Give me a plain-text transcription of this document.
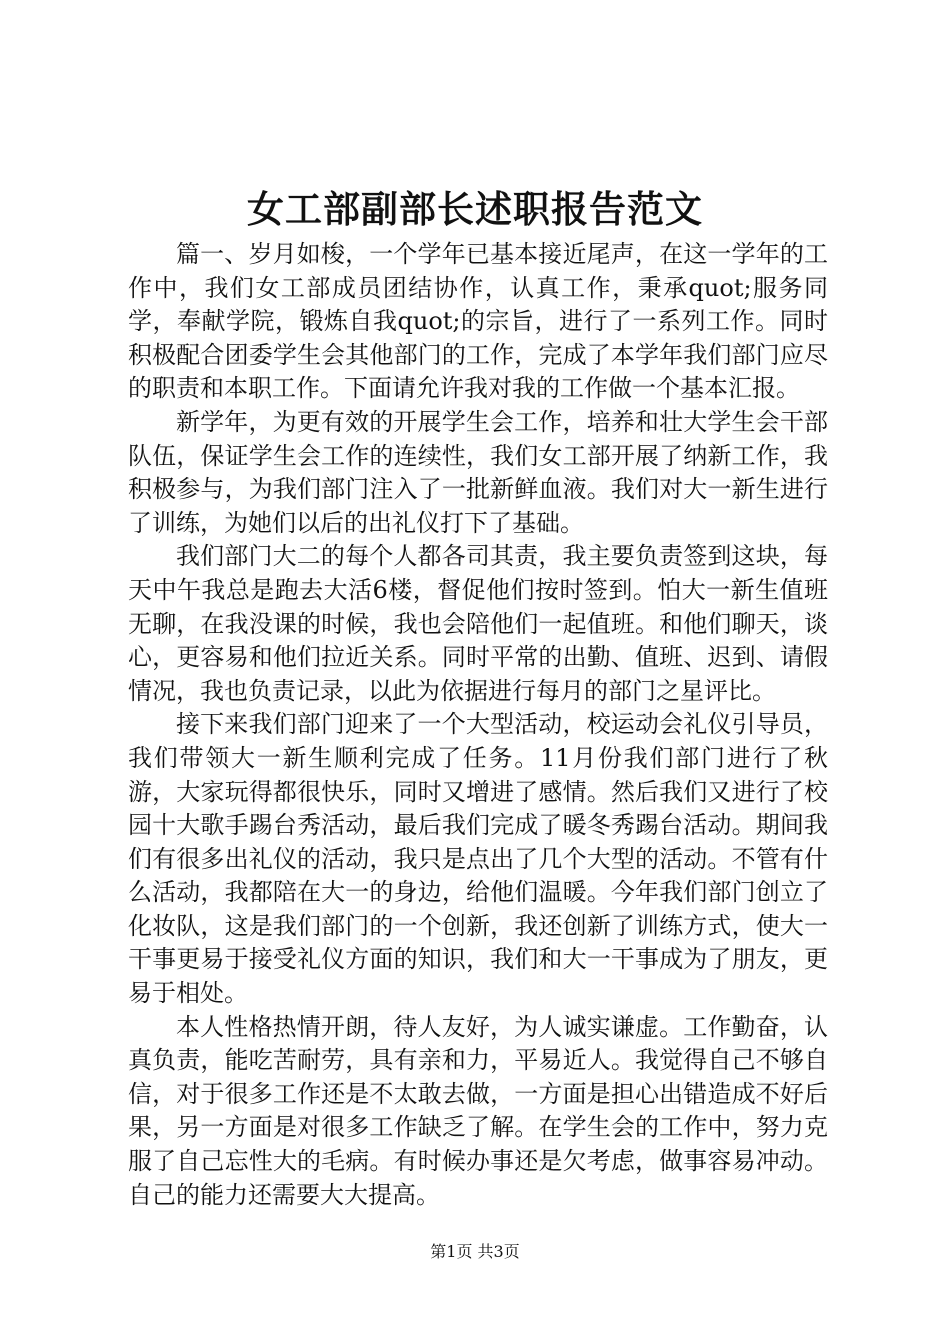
女工部副部长述职报告范文

篇一、岁月如梭，一个学年已基本接近尾声，在这一学年的工作中，我们女工部成员团结协作，认真工作，秉承quot;服务同学，奉献学院，锻炼自我quot;的宗旨，进行了一系列工作。同时积极配合团委学生会其他部门的工作，完成了本学年我们部门应尽的职责和本职工作。下面请允许我对我的工作做一个基本汇报。

新学年，为更有效的开展学生会工作，培养和壮大学生会干部队伍，保证学生会工作的连续性，我们女工部开展了纳新工作，我积极参与，为我们部门注入了一批新鲜血液。我们对大一新生进行了训练，为她们以后的出礼仪打下了基础。

我们部门大二的每个人都各司其责，我主要负责签到这块，每天中午我总是跑去大活6楼，督促他们按时签到。怕大一新生值班无聊，在我没课的时候，我也会陪他们一起值班。和他们聊天，谈心，更容易和他们拉近关系。同时平常的出勤、值班、迟到、请假情况，我也负责记录，以此为依据进行每月的部门之星评比。

接下来我们部门迎来了一个大型活动，校运动会礼仪引导员，我们带领大一新生顺利完成了任务。11月份我们部门进行了秋游，大家玩得都很快乐，同时又增进了感情。然后我们又进行了校园十大歌手踢台秀活动，最后我们完成了暖冬秀踢台活动。期间我们有很多出礼仪的活动，我只是点出了几个大型的活动。不管有什么活动，我都陪在大一的身边，给他们温暖。今年我们部门创立了化妆队，这是我们部门的一个创新，我还创新了训练方式，使大一干事更易于接受礼仪方面的知识，我们和大一干事成为了朋友，更易于相处。

本人性格热情开朗，待人友好，为人诚实谦虚。工作勤奋，认真负责，能吃苦耐劳，具有亲和力，平易近人。我觉得自己不够自信，对于很多工作还是不太敢去做，一方面是担心出错造成不好后果，另一方面是对很多工作缺乏了解。在学生会的工作中，努力克服了自己忘性大的毛病。有时候办事还是欠考虑，做事容易冲动。自己的能力还需要大大提高。

第1页 共3页
